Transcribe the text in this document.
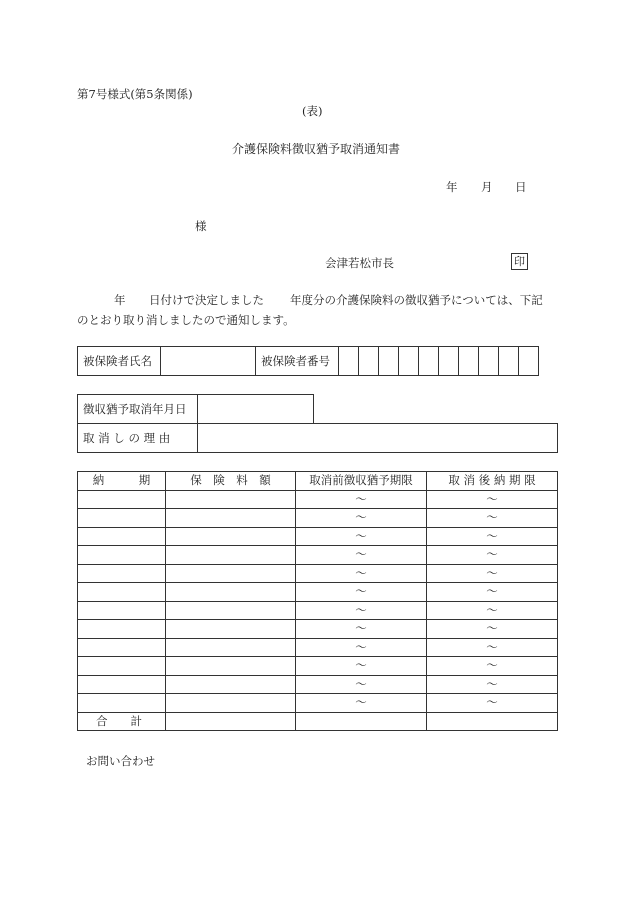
第7号様式(第5条関係)
(表)
介護保険料徴収猶予取消通知書
年 月 日
様
会津若松市長	印
年 日付けで決定しました 年度分の介護保険料の徴収猶予については、下記
のとおり取り消しましたので通知します。
被保険者氏名		被保険者番号										
徴収猶予取消年月日		
取 消 し の 理 由		
納　　　期	保　険　料　額	取消前徴収猶予期限	取 消 後 納 期 限
		～	～
		～	～
		～	～
		～	～
		～	～
		～	～
		～	～
		～	～
		～	～
		～	～
		～	～
		～	～
合　　計			
お問い合わせ
